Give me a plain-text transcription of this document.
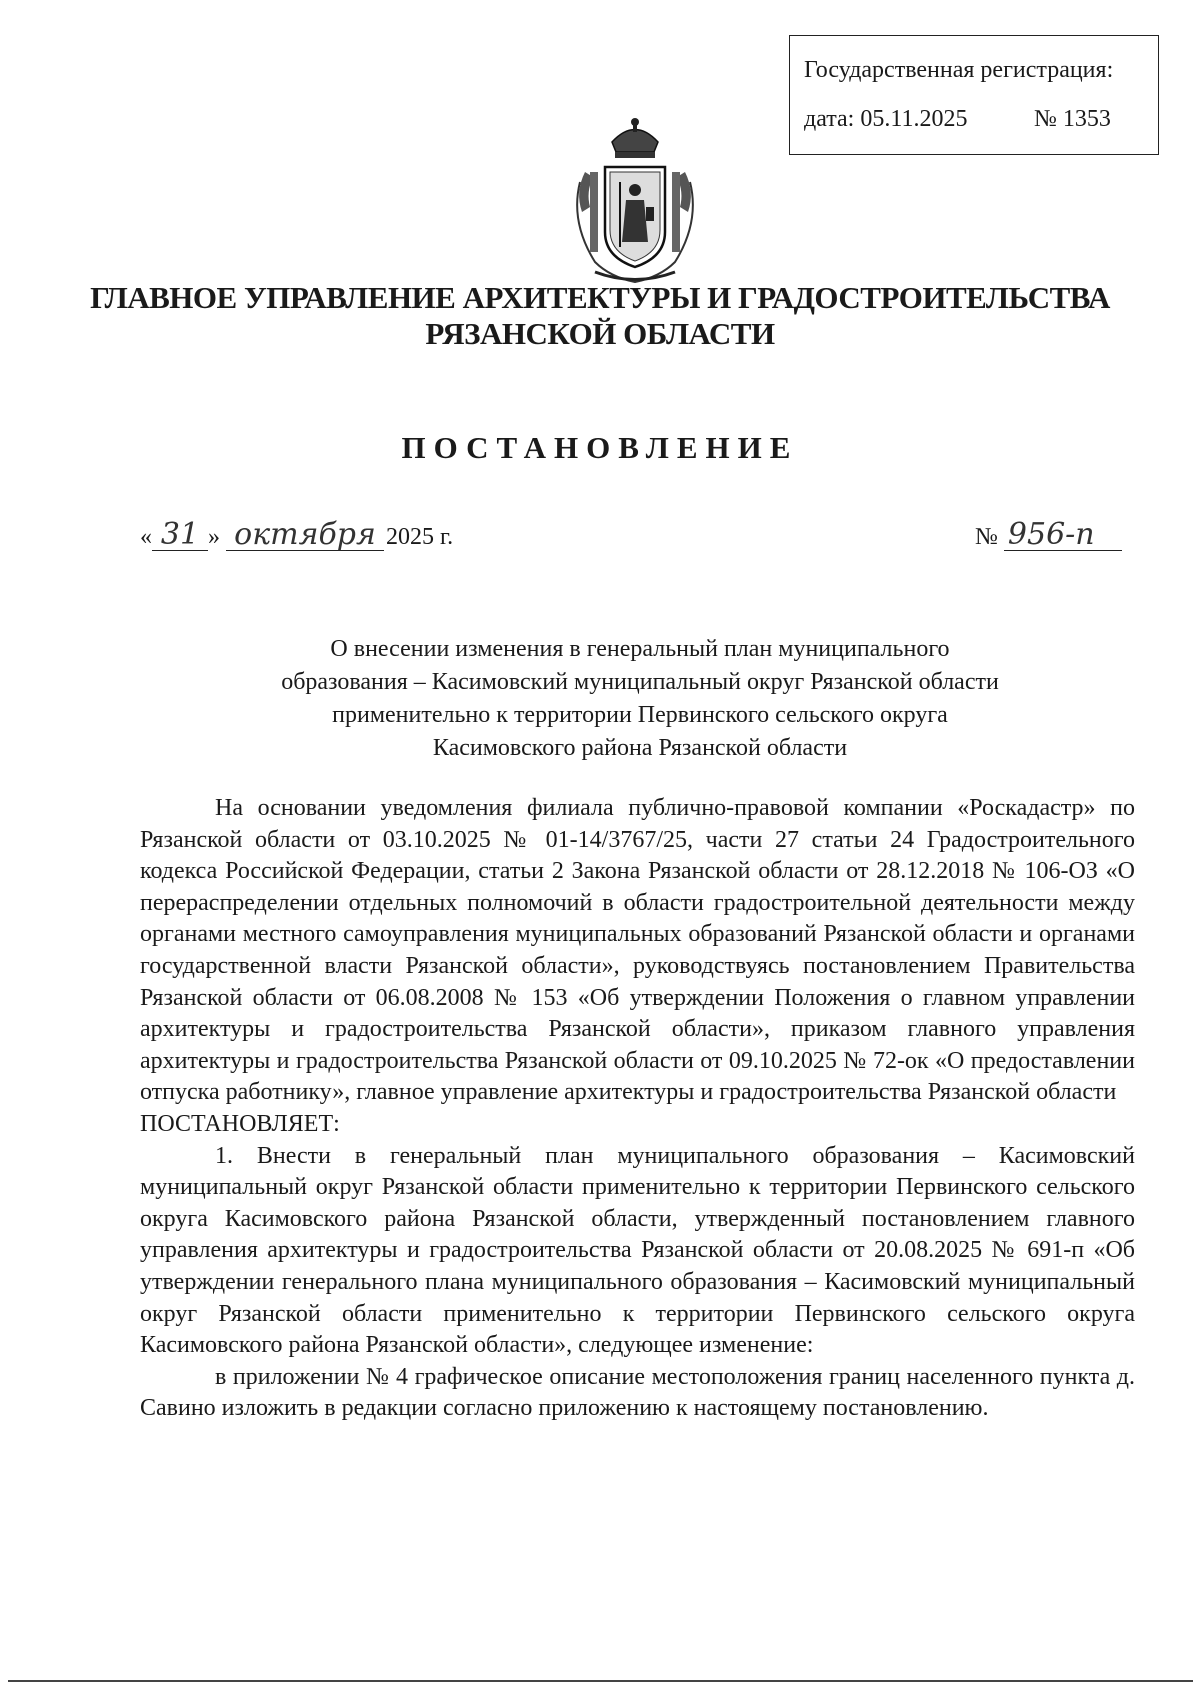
Государственная регистрация:
дата: 05.11.2025	№ 1353
ГЛАВНОЕ УПРАВЛЕНИЕ АРХИТЕКТУРЫ И ГРАДОСТРОИТЕЛЬСТВА
РЯЗАНСКОЙ ОБЛАСТИ
ПОСТАНОВЛЕНИЕ
« 31 » октября 2025 г.	№ 956-п
О внесении изменения в генеральный план муниципального
образования – Касимовский муниципальный округ Рязанской области
применительно к территории Первинского сельского округа
Касимовского района Рязанской области

На основании уведомления филиала публично-правовой компании «Роскадастр» по Рязанской области от 03.10.2025 № 01-14/3767/25, части 27 статьи 24 Градостроительного кодекса Российской Федерации, статьи 2 Закона Рязанской области от 28.12.2018 № 106-ОЗ «О перераспределении отдельных полномочий в области градостроительной деятельности между органами местного самоуправления муниципальных образований Рязанской области и органами государственной власти Рязанской области», руководствуясь постановлением Правительства Рязанской области от 06.08.2008 № 153 «Об утверждении Положения о главном управлении архитектуры и градостроительства Рязанской области», приказом главного управления архитектуры и градостроительства Рязанской области от 09.10.2025 № 72-ок «О предоставлении отпуска работнику», главное управление архитектуры и градостроительства Рязанской области

ПОСТАНОВЛЯЕТ:

1. Внести в генеральный план муниципального образования – Касимовский муниципальный округ Рязанской области применительно к территории Первинского сельского округа Касимовского района Рязанской области, утвержденный постановлением главного управления архитектуры и градостроительства Рязанской области от 20.08.2025 № 691-п «Об утверждении генерального плана муниципального образования – Касимовский муниципальный округ Рязанской области применительно к территории Первинского сельского округа Касимовского района Рязанской области», следующее изменение:

в приложении № 4 графическое описание местоположения границ населенного пункта д. Савино изложить в редакции согласно приложению к настоящему постановлению.
